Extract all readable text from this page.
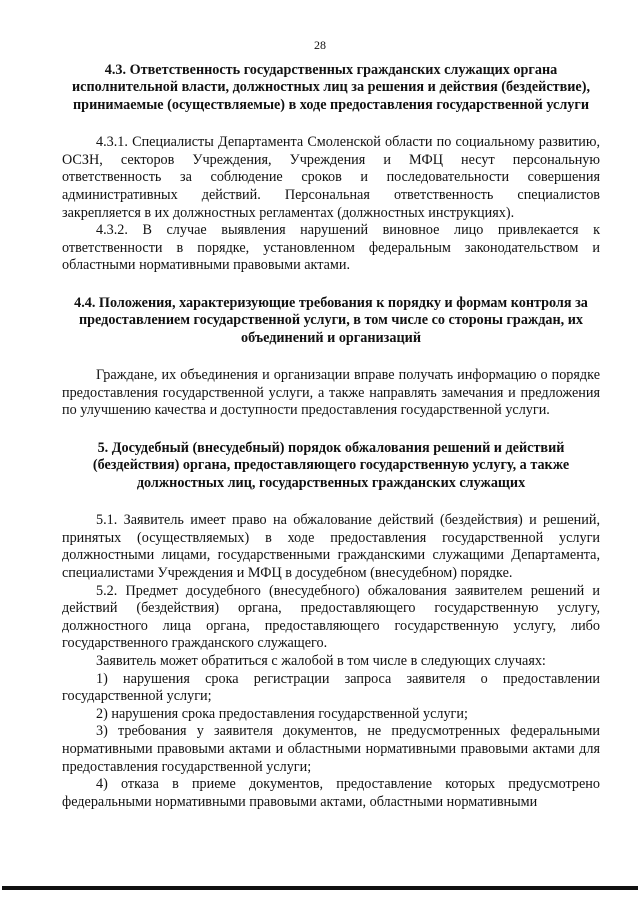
28

4.3. Ответственность государственных гражданских служащих органа исполнительной власти, должностных лиц за решения и действия (бездействие), принимаемые (осуществляемые) в ходе предоставления государственной услуги

4.3.1. Специалисты Департамента Смоленской области по социальному развитию, ОСЗН, секторов Учреждения, Учреждения и МФЦ несут персональную ответственность за соблюдение сроков и последовательности совершения административных действий. Персональная ответственность специалистов закрепляется в их должностных регламентах (должностных инструкциях).

4.3.2. В случае выявления нарушений виновное лицо привлекается к ответственности в порядке, установленном федеральным законодательством и областными нормативными правовыми актами.

4.4. Положения, характеризующие требования к порядку и формам контроля за предоставлением государственной услуги, в том числе со стороны граждан, их объединений и организаций

Граждане, их объединения и организации вправе получать информацию о порядке предоставления государственной услуги, а также направлять замечания и предложения по улучшению качества и доступности предоставления государственной услуги.

5. Досудебный (внесудебный) порядок обжалования решений и действий (бездействия) органа, предоставляющего государственную услугу, а также должностных лиц, государственных гражданских служащих

5.1. Заявитель имеет право на обжалование действий (бездействия) и решений, принятых (осуществляемых) в ходе предоставления государственной услуги должностными лицами, государственными гражданскими служащими Департамента, специалистами Учреждения и МФЦ в досудебном (внесудебном) порядке.

5.2. Предмет досудебного (внесудебного) обжалования заявителем решений и действий (бездействия) органа, предоставляющего государственную услугу, должностного лица органа, предоставляющего государственную услугу, либо государственного гражданского служащего.

Заявитель может обратиться с жалобой в том числе в следующих случаях:

1) нарушения срока регистрации запроса заявителя о предоставлении государственной услуги;

2) нарушения срока предоставления государственной услуги;

3) требования у заявителя документов, не предусмотренных федеральными нормативными правовыми актами и областными нормативными правовыми актами для предоставления государственной услуги;

4) отказа в приеме документов, предоставление которых предусмотрено федеральными нормативными правовыми актами, областными нормативными
